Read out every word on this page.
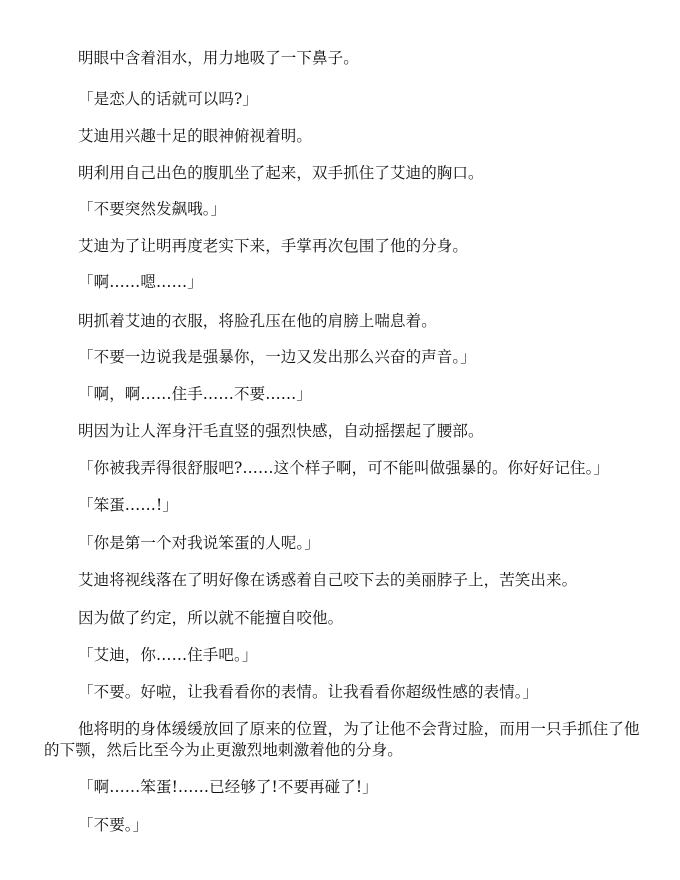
明眼中含着泪水，用力地吸了一下鼻子。

「是恋人的话就可以吗?」

艾迪用兴趣十足的眼神俯视着明。

明利用自己出色的腹肌坐了起来，双手抓住了艾迪的胸口。

「不要突然发飙哦。」

艾迪为了让明再度老实下来，手掌再次包围了他的分身。

「啊……嗯……」

明抓着艾迪的衣服，将脸孔压在他的肩膀上喘息着。

「不要一边说我是强暴你，一边又发出那么兴奋的声音。」

「啊，啊……住手……不要……」

明因为让人浑身汗毛直竖的强烈快感，自动摇摆起了腰部。

「你被我弄得很舒服吧?……这个样子啊，可不能叫做强暴的。你好好记住。」

「笨蛋……!」

「你是第一个对我说笨蛋的人呢。」

艾迪将视线落在了明好像在诱惑着自己咬下去的美丽脖子上，苦笑出来。

因为做了约定，所以就不能擅自咬他。

「艾迪，你……住手吧。」

「不要。好啦，让我看看你的表情。让我看看你超级性感的表情。」

他将明的身体缓缓放回了原来的位置，为了让他不会背过脸，而用一只手抓住了他的下颚，然后比至今为止更激烈地刺激着他的分身。

「啊……笨蛋!……已经够了!不要再碰了!」

「不要。」
